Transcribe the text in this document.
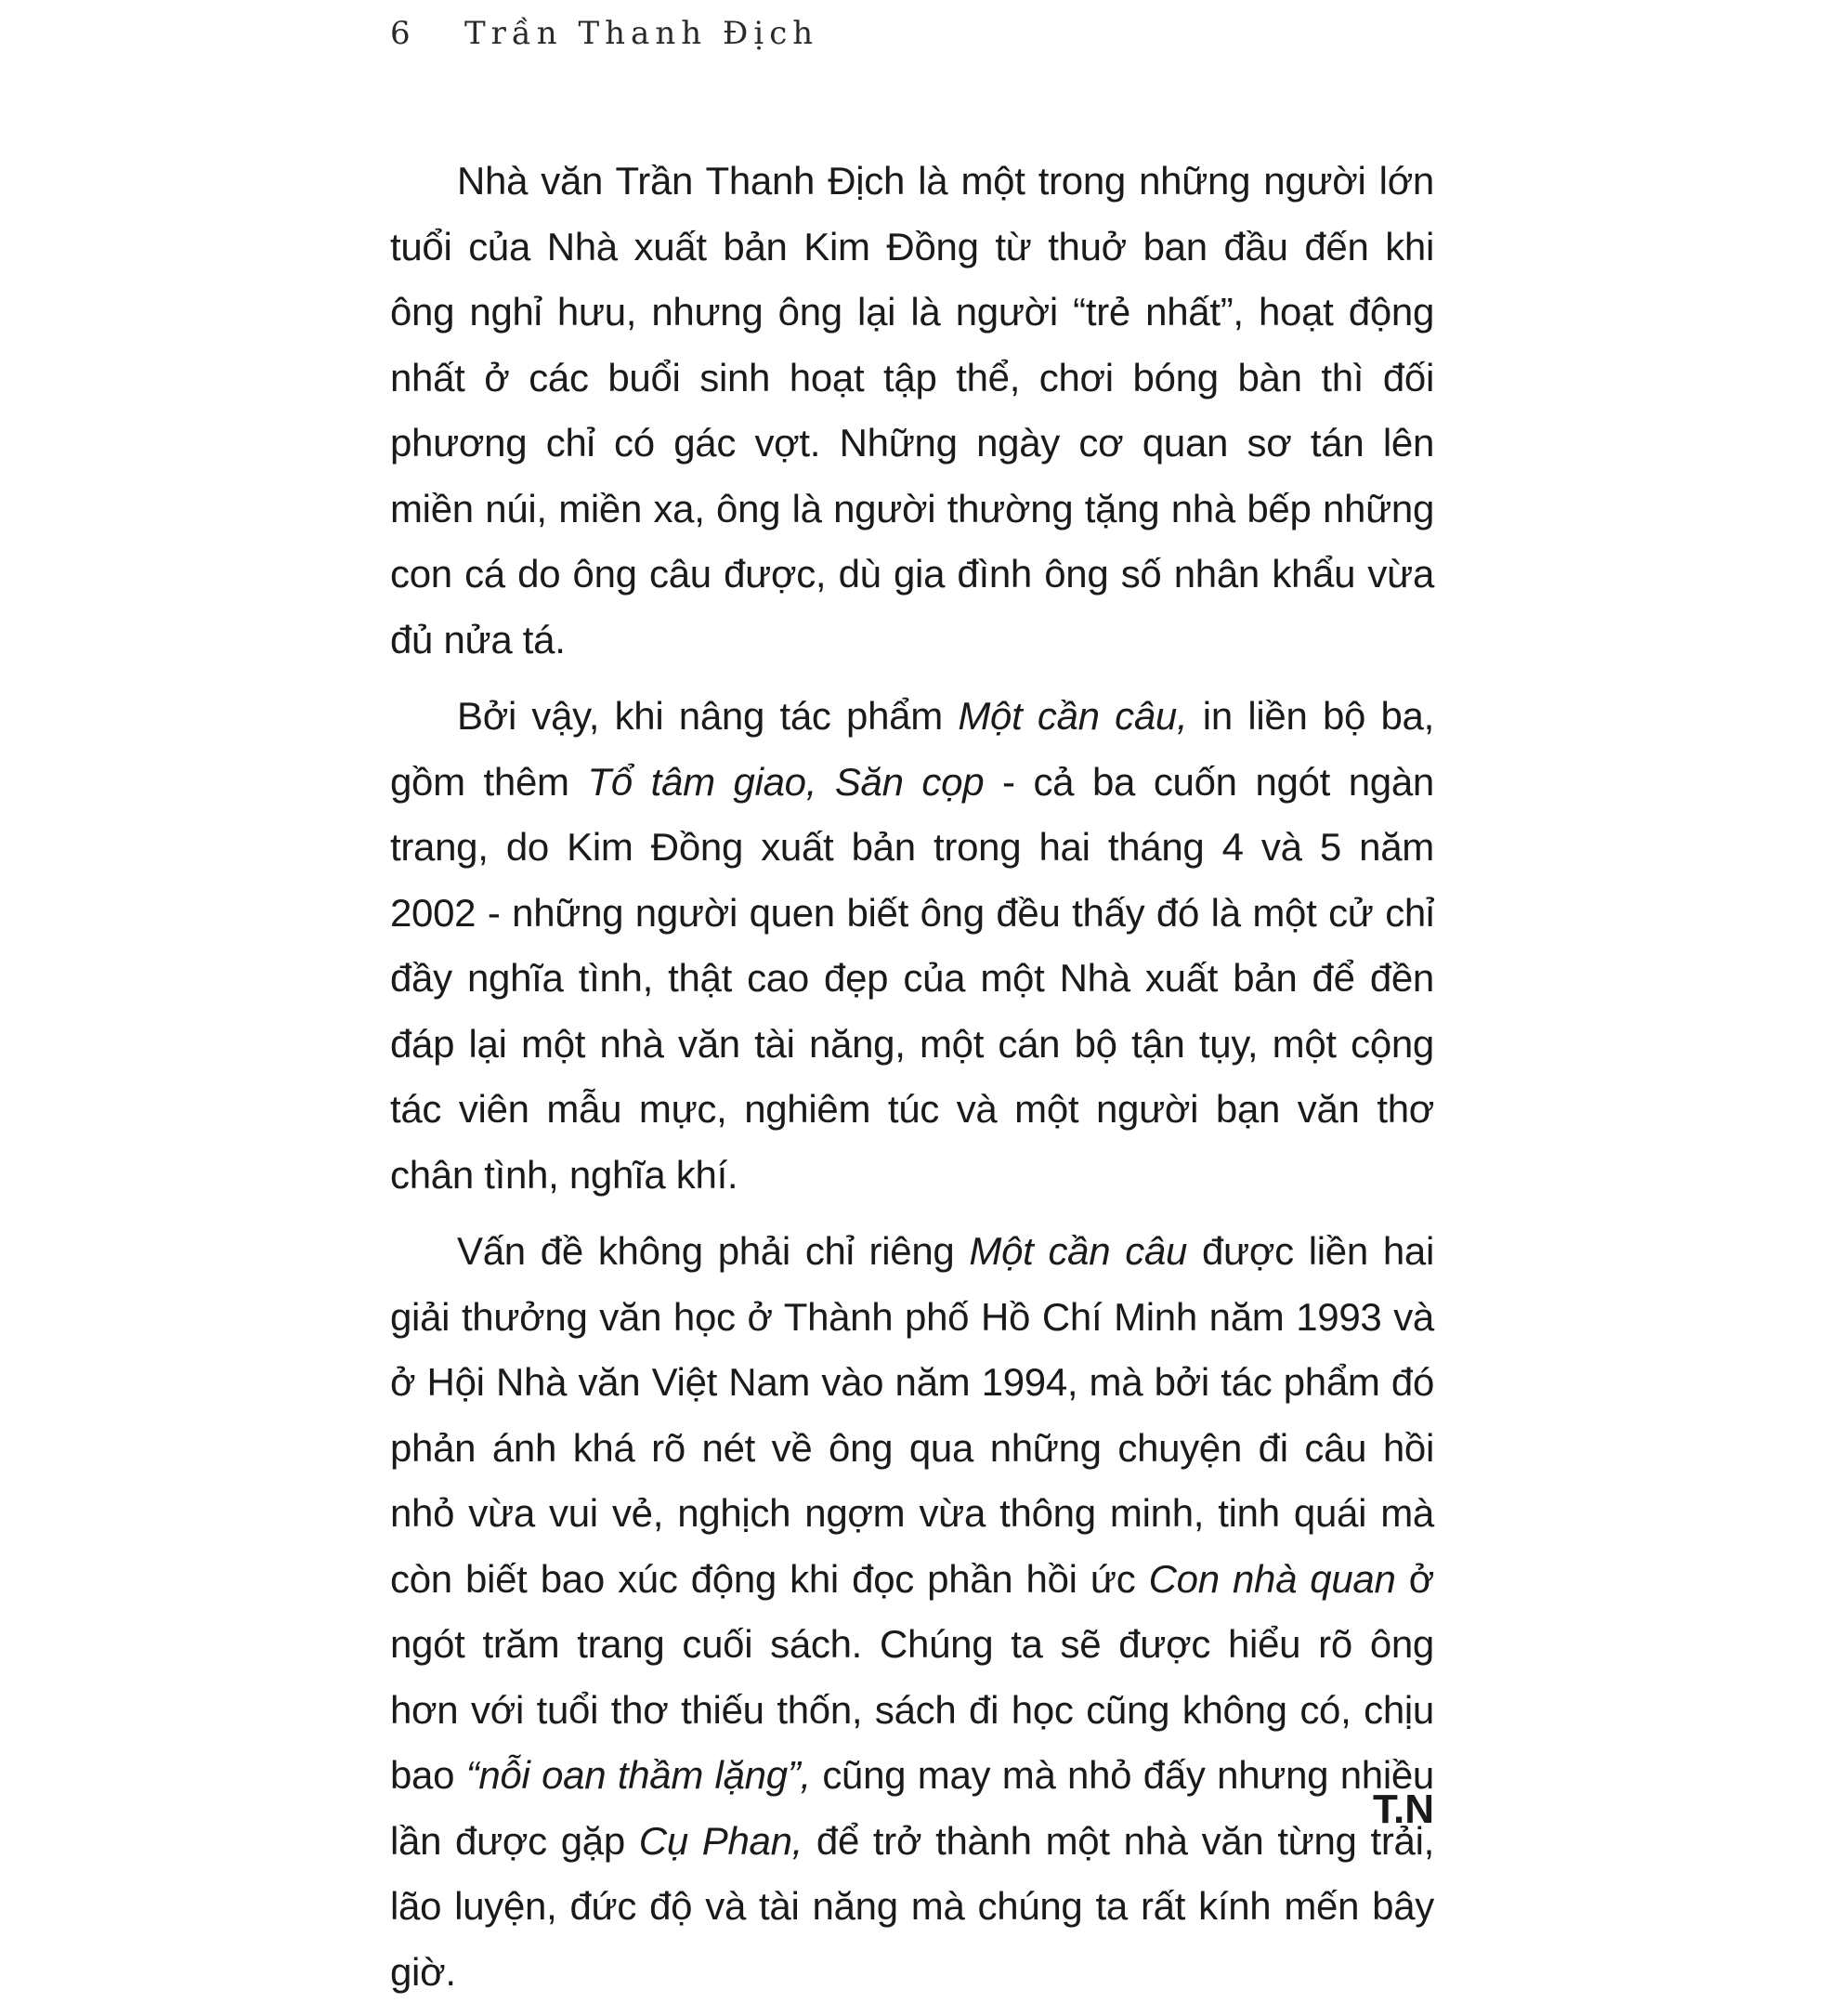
6	Trần Thanh Địch

Nhà văn Trần Thanh Địch là một trong những người lớn tuổi của Nhà xuất bản Kim Đồng từ thuở ban đầu đến khi ông nghỉ hưu, nhưng ông lại là người “trẻ nhất”, hoạt động nhất ở các buổi sinh hoạt tập thể, chơi bóng bàn thì đối phương chỉ có gác vợt. Những ngày cơ quan sơ tán lên miền núi, miền xa, ông là người thường tặng nhà bếp những con cá do ông câu được, dù gia đình ông số nhân khẩu vừa đủ nửa tá.

Bởi vậy, khi nâng tác phẩm Một cần câu, in liền bộ ba, gồm thêm Tổ tâm giao, Săn cọp - cả ba cuốn ngót ngàn trang, do Kim Đồng xuất bản trong hai tháng 4 và 5 năm 2002 - những người quen biết ông đều thấy đó là một cử chỉ đầy nghĩa tình, thật cao đẹp của một Nhà xuất bản để đền đáp lại một nhà văn tài năng, một cán bộ tận tụy, một cộng tác viên mẫu mực, nghiêm túc và một người bạn văn thơ chân tình, nghĩa khí.

Vấn đề không phải chỉ riêng Một cần câu được liền hai giải thưởng văn học ở Thành phố Hồ Chí Minh năm 1993 và ở Hội Nhà văn Việt Nam vào năm 1994, mà bởi tác phẩm đó phản ánh khá rõ nét về ông qua những chuyện đi câu hồi nhỏ vừa vui vẻ, nghịch ngợm vừa thông minh, tinh quái mà còn biết bao xúc động khi đọc phần hồi ức Con nhà quan ở ngót trăm trang cuối sách. Chúng ta sẽ được hiểu rõ ông hơn với tuổi thơ thiếu thốn, sách đi học cũng không có, chịu bao “nỗi oan thầm lặng”, cũng may mà nhỏ đấy nhưng nhiều lần được gặp Cụ Phan, để trở thành một nhà văn từng trải, lão luyện, đức độ và tài năng mà chúng ta rất kính mến bây giờ.

T.N
